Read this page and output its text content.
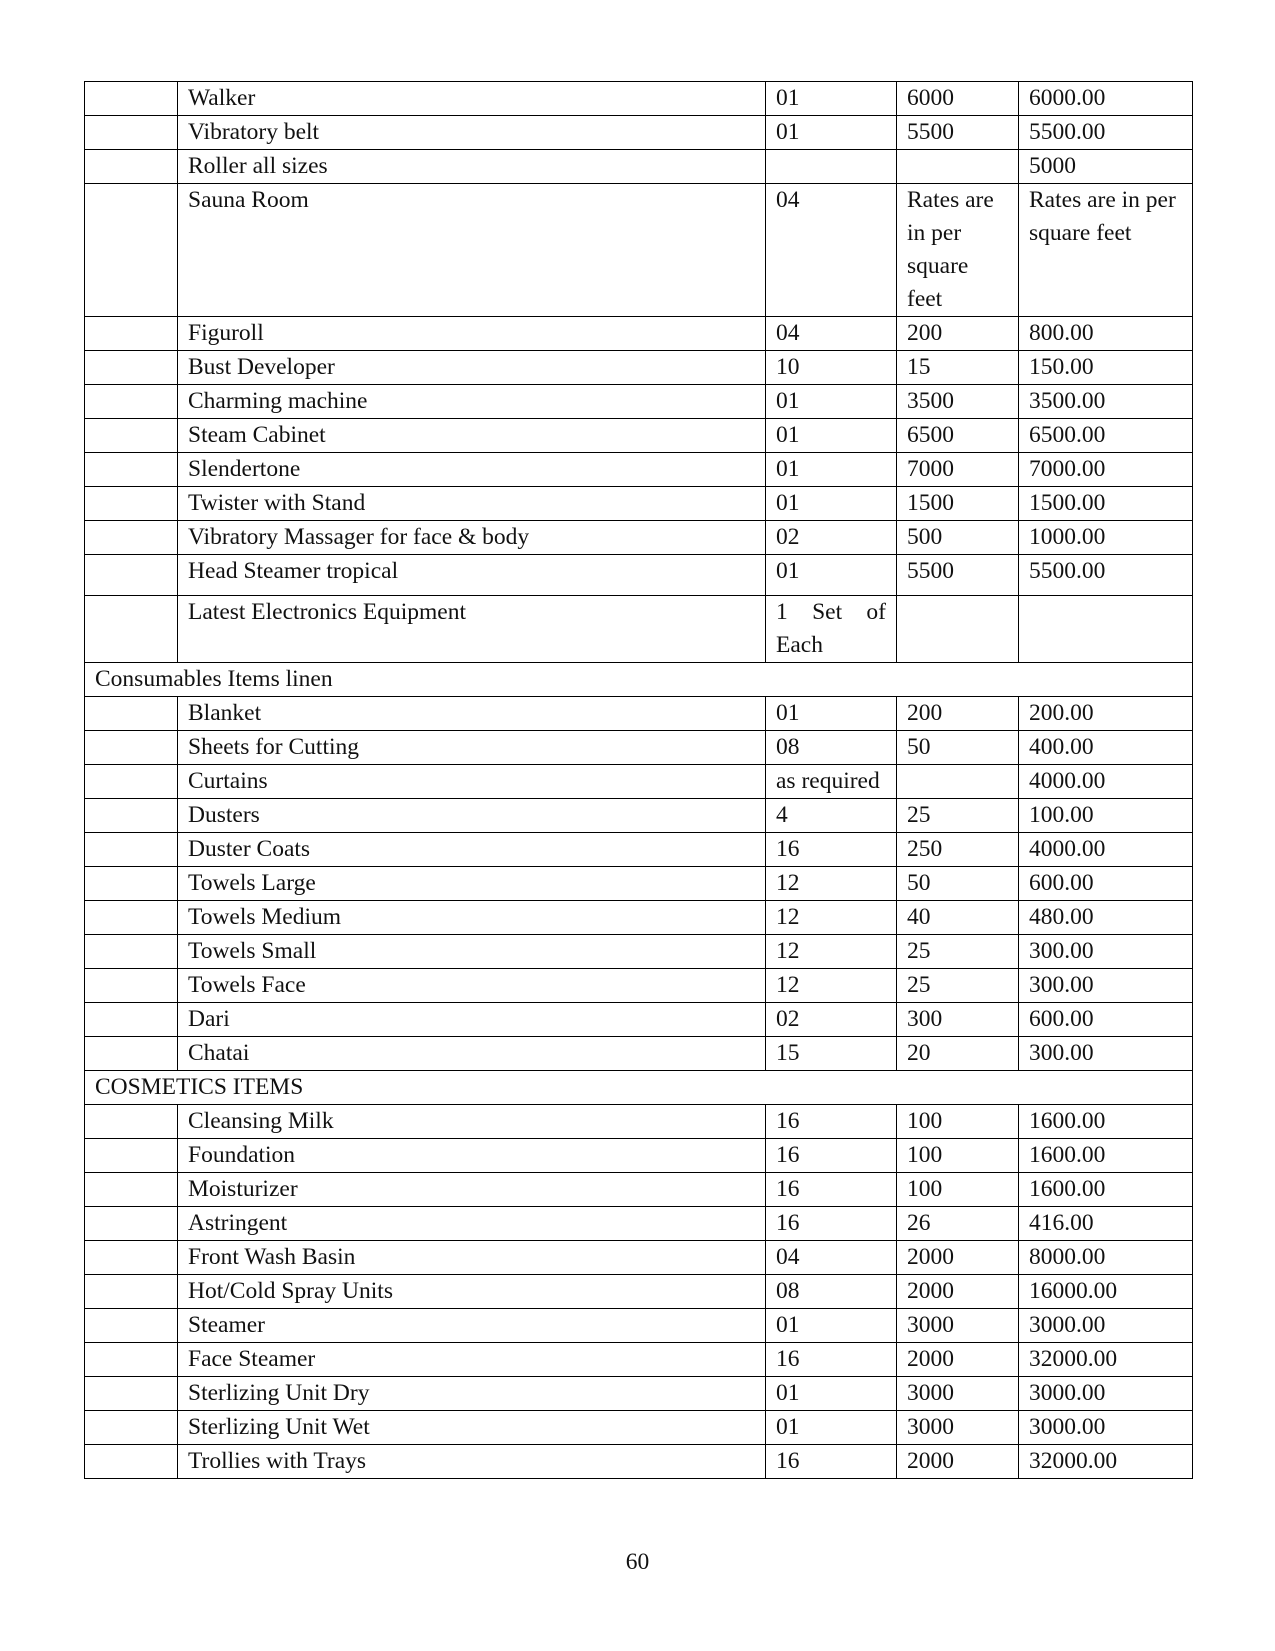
	Walker	01	6000	6000.00
	Vibratory belt	01	5500	5500.00
	Roller all sizes			5000
	Sauna Room	04	Rates are in per square feet	Rates are in per square feet
	Figuroll	04	200	800.00
	Bust Developer	10	15	150.00
	Charming machine	01	3500	3500.00
	Steam Cabinet	01	6500	6500.00
	Slendertone	01	7000	7000.00
	Twister with Stand	01	1500	1500.00
	Vibratory Massager for face & body	02	500	1000.00
	Head Steamer tropical	01	5500	5500.00
	Latest Electronics Equipment	1 Set of Each		
Consumables Items linen				
	Blanket	01	200	200.00
	Sheets for Cutting	08	50	400.00
	Curtains	as required		4000.00
	Dusters	4	25	100.00
	Duster Coats	16	250	4000.00
	Towels Large	12	50	600.00
	Towels Medium	12	40	480.00
	Towels Small	12	25	300.00
	Towels Face	12	25	300.00
	Dari	02	300	600.00
	Chatai	15	20	300.00
COSMETICS ITEMS				
	Cleansing Milk	16	100	1600.00
	Foundation	16	100	1600.00
	Moisturizer	16	100	1600.00
	Astringent	16	26	416.00
	Front Wash Basin	04	2000	8000.00
	Hot/Cold Spray Units	08	2000	16000.00
	Steamer	01	3000	3000.00
	Face Steamer	16	2000	32000.00
	Sterlizing Unit Dry	01	3000	3000.00
	Sterlizing Unit Wet	01	3000	3000.00
	Trollies with Trays	16	2000	32000.00
60
